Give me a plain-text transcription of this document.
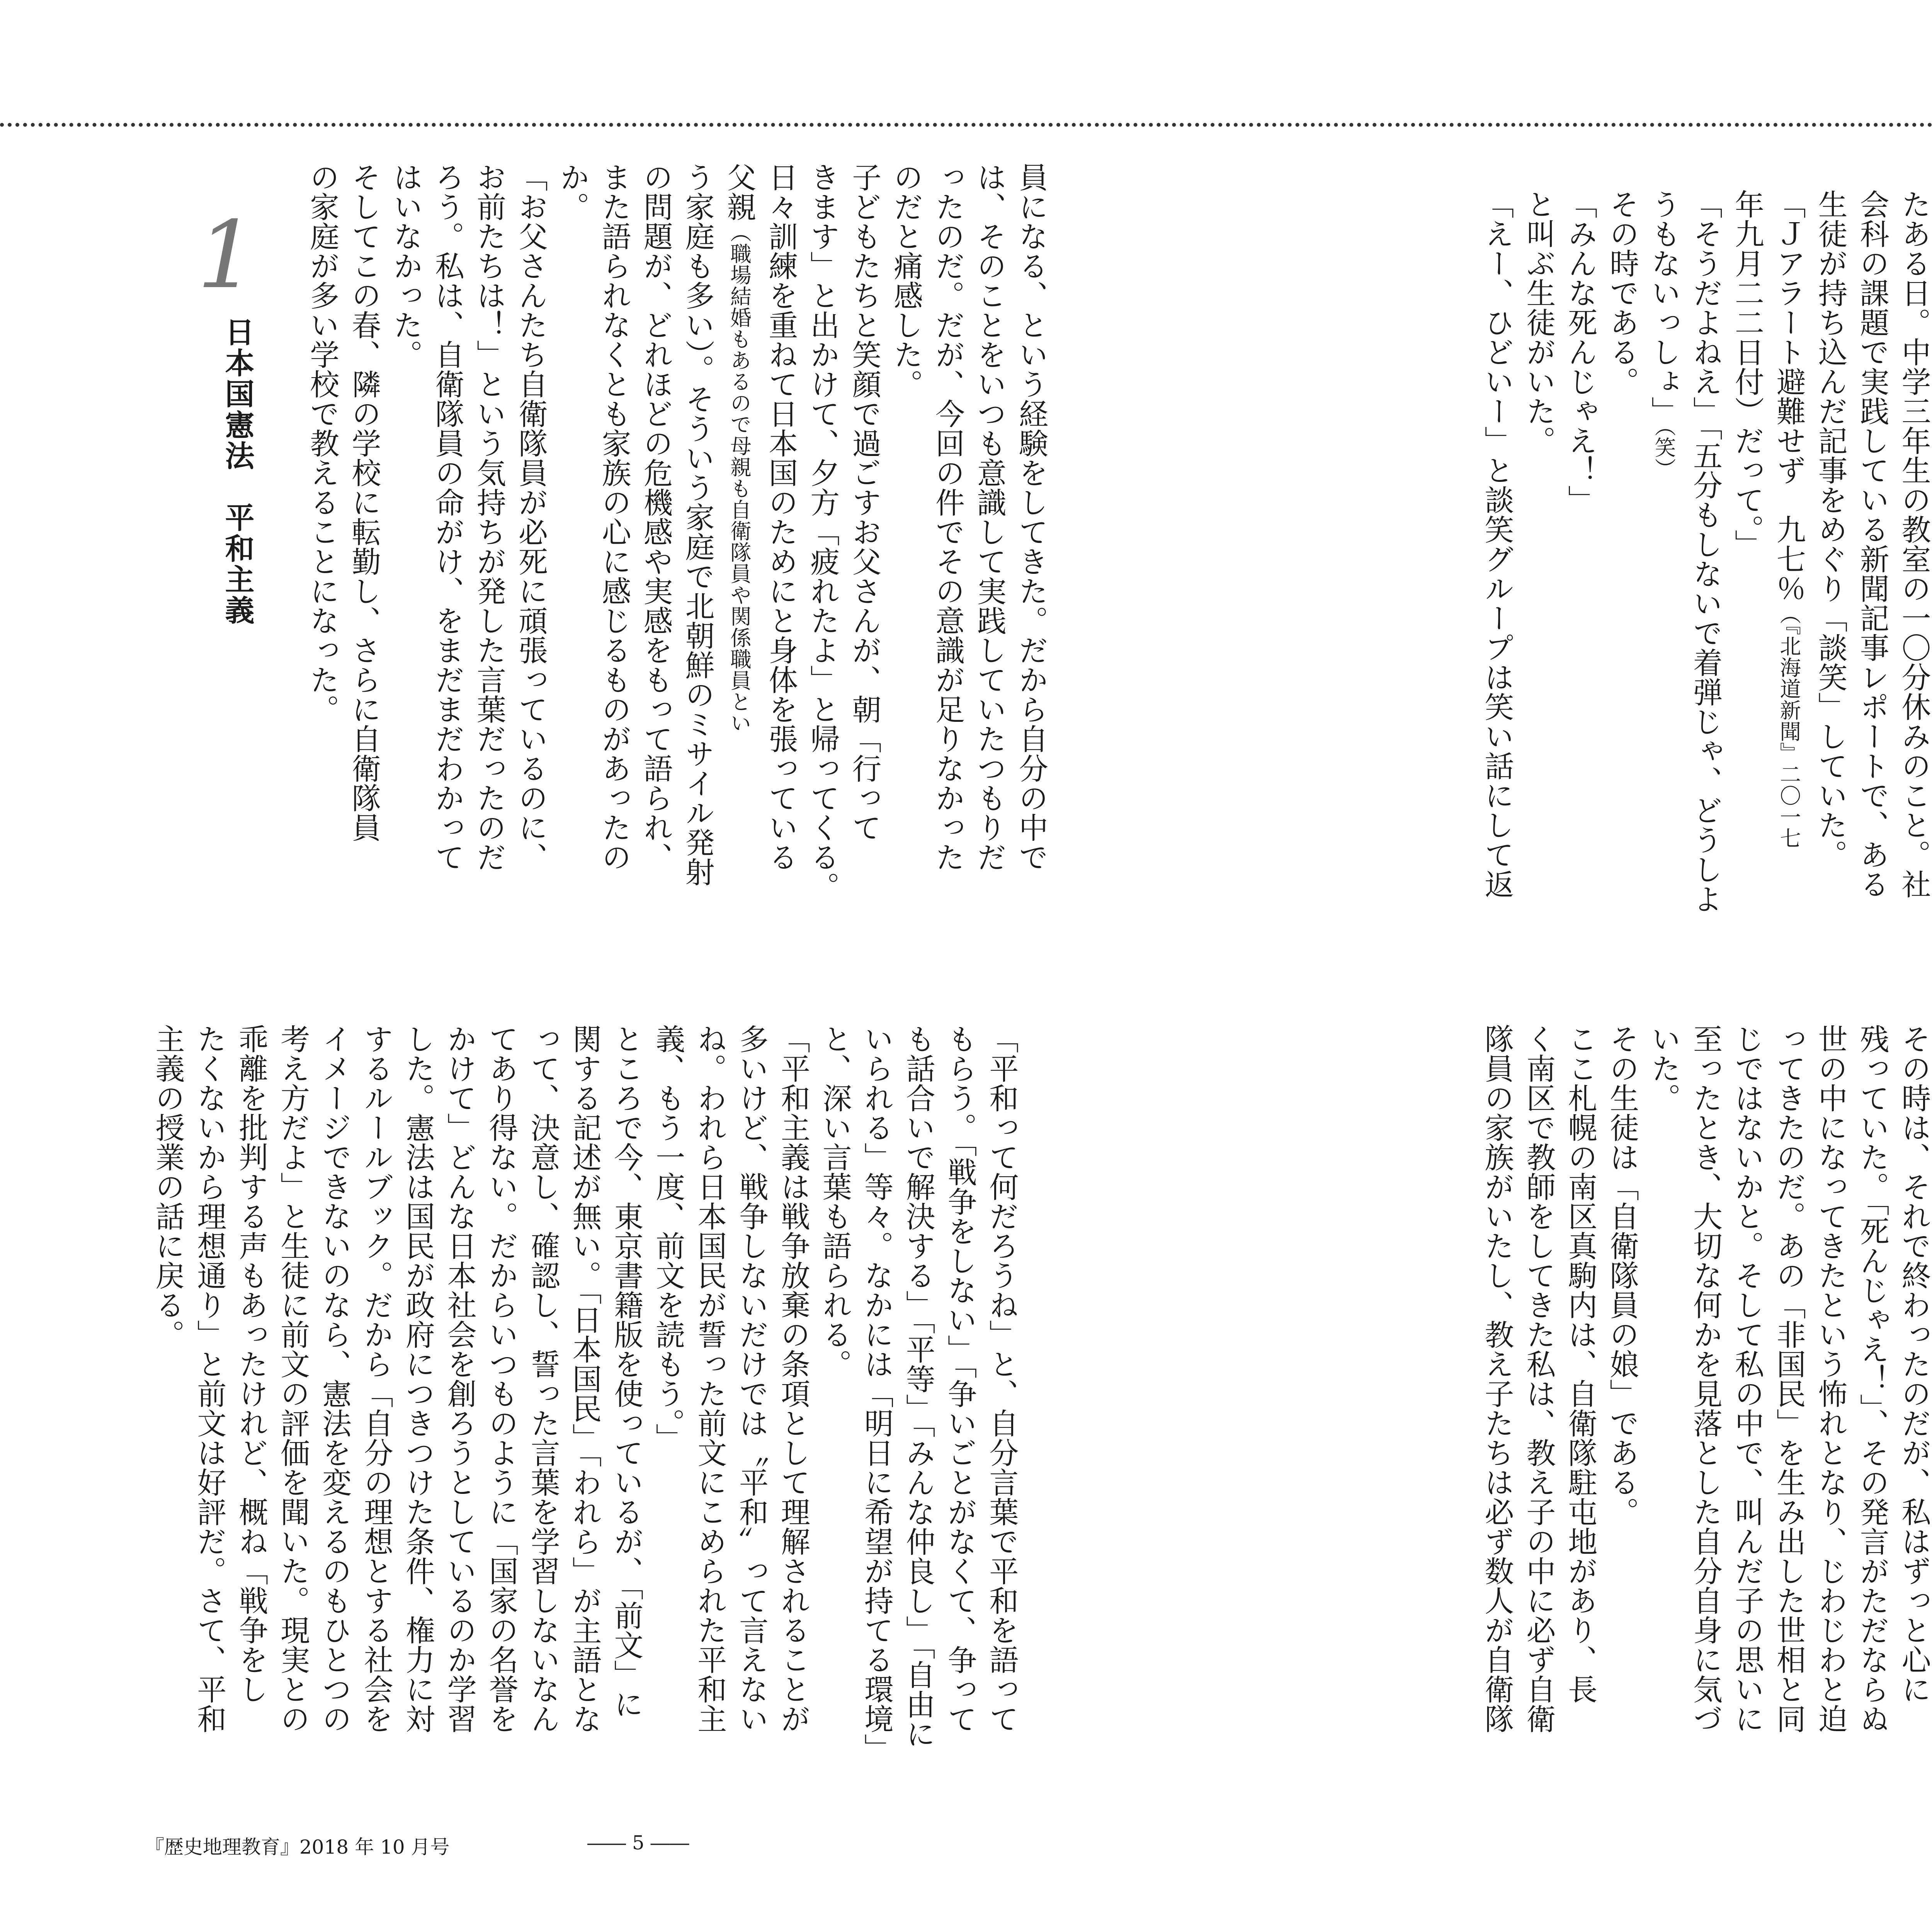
たある日。中学三年生の教室の一〇分休みのこと。社
会科の課題で実践している新聞記事レポートで、ある
生徒が持ち込んだ記事をめぐり「談笑」していた。
「Ｊアラート避難せず　九七％（『北海道新聞』二〇一七
年九月二二日付）だって。」
「そうだよねえ」「五分もしないで着弾じゃ、どうしよ
うもないっしょ」（笑）
その時である。
「みんな死んじゃえ！」
と叫ぶ生徒がいた。
「えー、ひどいー」と談笑グループは笑い話にして返
その時は、それで終わったのだが、私はずっと心に
残っていた。「死んじゃえ！」、その発言がただならぬ
世の中になってきたという怖れとなり、じわじわと迫
ってきたのだ。あの「非国民」を生み出した世相と同
じではないかと。そして私の中で、叫んだ子の思いに
至ったとき、大切な何かを見落とした自分自身に気づ
いた。
その生徒は「自衛隊員の娘」である。
ここ札幌の南区真駒内は、自衛隊駐屯地があり、長
く南区で教師をしてきた私は、教え子の中に必ず自衛
隊員の家族がいたし、教え子たちは必ず数人が自衛隊
員になる、という経験をしてきた。だから自分の中で
は、そのことをいつも意識して実践していたつもりだ
ったのだ。だが、今回の件でその意識が足りなかった
のだと痛感した。
子どもたちと笑顔で過ごすお父さんが、朝「行って
きます」と出かけて、夕方「疲れたよ」と帰ってくる。
日々訓練を重ねて日本国のためにと身体を張っている
父親（職場結婚もあるので母親も自衛隊員や関係職員とい
う家庭も多い）。そういう家庭で北朝鮮のミサイル発射
の問題が、どれほどの危機感や実感をもって語られ、
また語られなくとも家族の心に感じるものがあったの
か。
「お父さんたち自衛隊員が必死に頑張っているのに、
お前たちは！」という気持ちが発した言葉だったのだ
ろう。私は、自衛隊員の命がけ、をまだまだわかって
はいなかった。
そしてこの春、隣の学校に転勤し、さらに自衛隊員
の家庭が多い学校で教えることになった。

1

日本国憲法　平和主義
「平和って何だろうね」と、自分言葉で平和を語って
もらう。「戦争をしない」「争いごとがなくて、争って
も話合いで解決する」「平等」「みんな仲良し」「自由に
いられる」等々。なかには「明日に希望が持てる環境」
と、深い言葉も語られる。
「平和主義は戦争放棄の条項として理解されることが
多いけど、戦争しないだけでは〝平和〟って言えない
ね。われら日本国民が誓った前文にこめられた平和主
義、もう一度、前文を読もう。」
ところで今、東京書籍版を使っているが、「前文」に
関する記述が無い。「日本国民」「われら」が主語とな
って、決意し、確認し、誓った言葉を学習しないなん
てあり得ない。だからいつものように「国家の名誉を
かけて」どんな日本社会を創ろうとしているのか学習
した。憲法は国民が政府につきつけた条件、権力に対
するルールブック。だから「自分の理想とする社会を
イメージできないのなら、憲法を変えるのもひとつの
考え方だよ」と生徒に前文の評価を聞いた。現実との
乖離を批判する声もあったけれど、概ね「戦争をし
たくないから理想通り」と前文は好評だ。さて、平和
主義の授業の話に戻る。

『歴史地理教育』2018 年 10 月号	―― 5 ――
